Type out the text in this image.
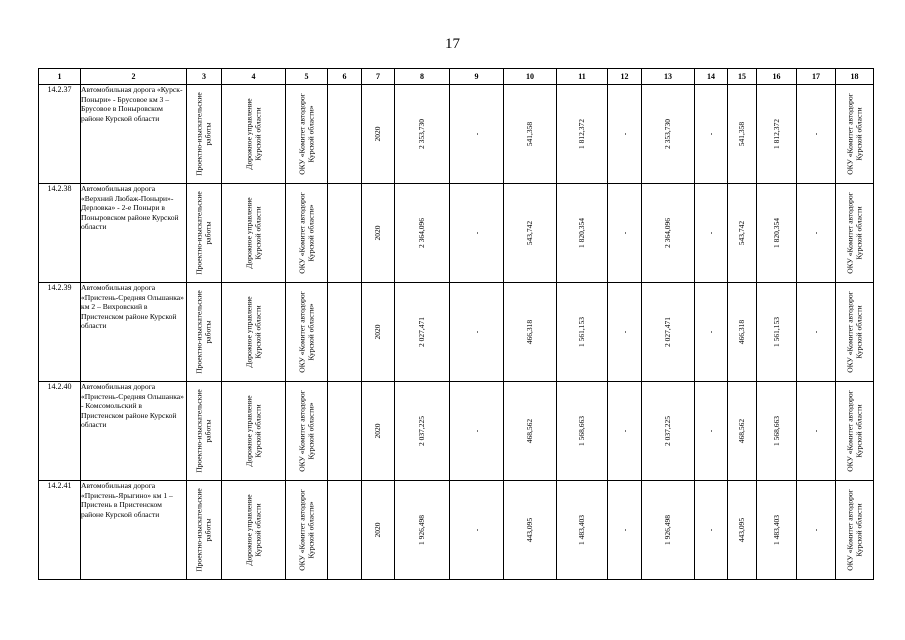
17
1	2	3	4	5	6	7	8	9	10	11	12	13	14	15	16	17	18
14.2.37	Автомобильная дорога «Курск-Поныри» - Брусовое км 3 – Брусовое в Поныровском районе Курской области	Проектно-изыскательские работы	Дорожное управление Курской области	ОКУ «Комитет автодорог Курской области»		2020	2 353,730	-	541,358	1 812,372	-	2 353,730	-	541,358	1 812,372	-	ОКУ «Комитет автодорог Курской области

14.2.38	Автомобильная дорога «Верхний Любаж-Поныри»-Дерловка» - 2-е Поныри в Поныровском районе Курской области	Проектно-изыскательские работы	Дорожное управление Курской области	ОКУ «Комитет автодорог Курской области»		2020	2 364,096	-	543,742	1 820,354	-	2 364,096	-	543,742	1 820,354	-	ОКУ «Комитет автодорог Курской области

14.2.39	Автомобильная дорога «Пристень-Средняя Ольшанка» км 2 – Вихровский в Пристенском районе Курской области	Проектно-изыскательские работы	Дорожное управление Курской области	ОКУ «Комитет автодорог Курской области»		2020	2 027,471	-	466,318	1 561,153	-	2 027,471	-	466,318	1 561,153	-	ОКУ «Комитет автодорог Курской области

14.2.40	Автомобильная дорога «Пристень-Средняя Ольшанка» - Комсомольский в Пристенском районе Курской области	Проектно-изыскательские работы	Дорожное управление Курской области	ОКУ «Комитет автодорог Курской области»		2020	2 037,225	-	468,562	1 568,663	-	2 037,225	-	468,562	1 568,663	-	ОКУ «Комитет автодорог Курской области

14.2.41	Автомобильная дорога «Пристень-Ярыгино» км 1 – Пристень в Пристенском районе Курской области	Проектно-изыскательские работы	Дорожное управление Курской области	ОКУ «Комитет автодорог Курской области»		2020	1 926,498	-	443,095	1 483,403	-	1 926,498	-	443,095	1 483,403	-	ОКУ «Комитет автодорог Курской области
